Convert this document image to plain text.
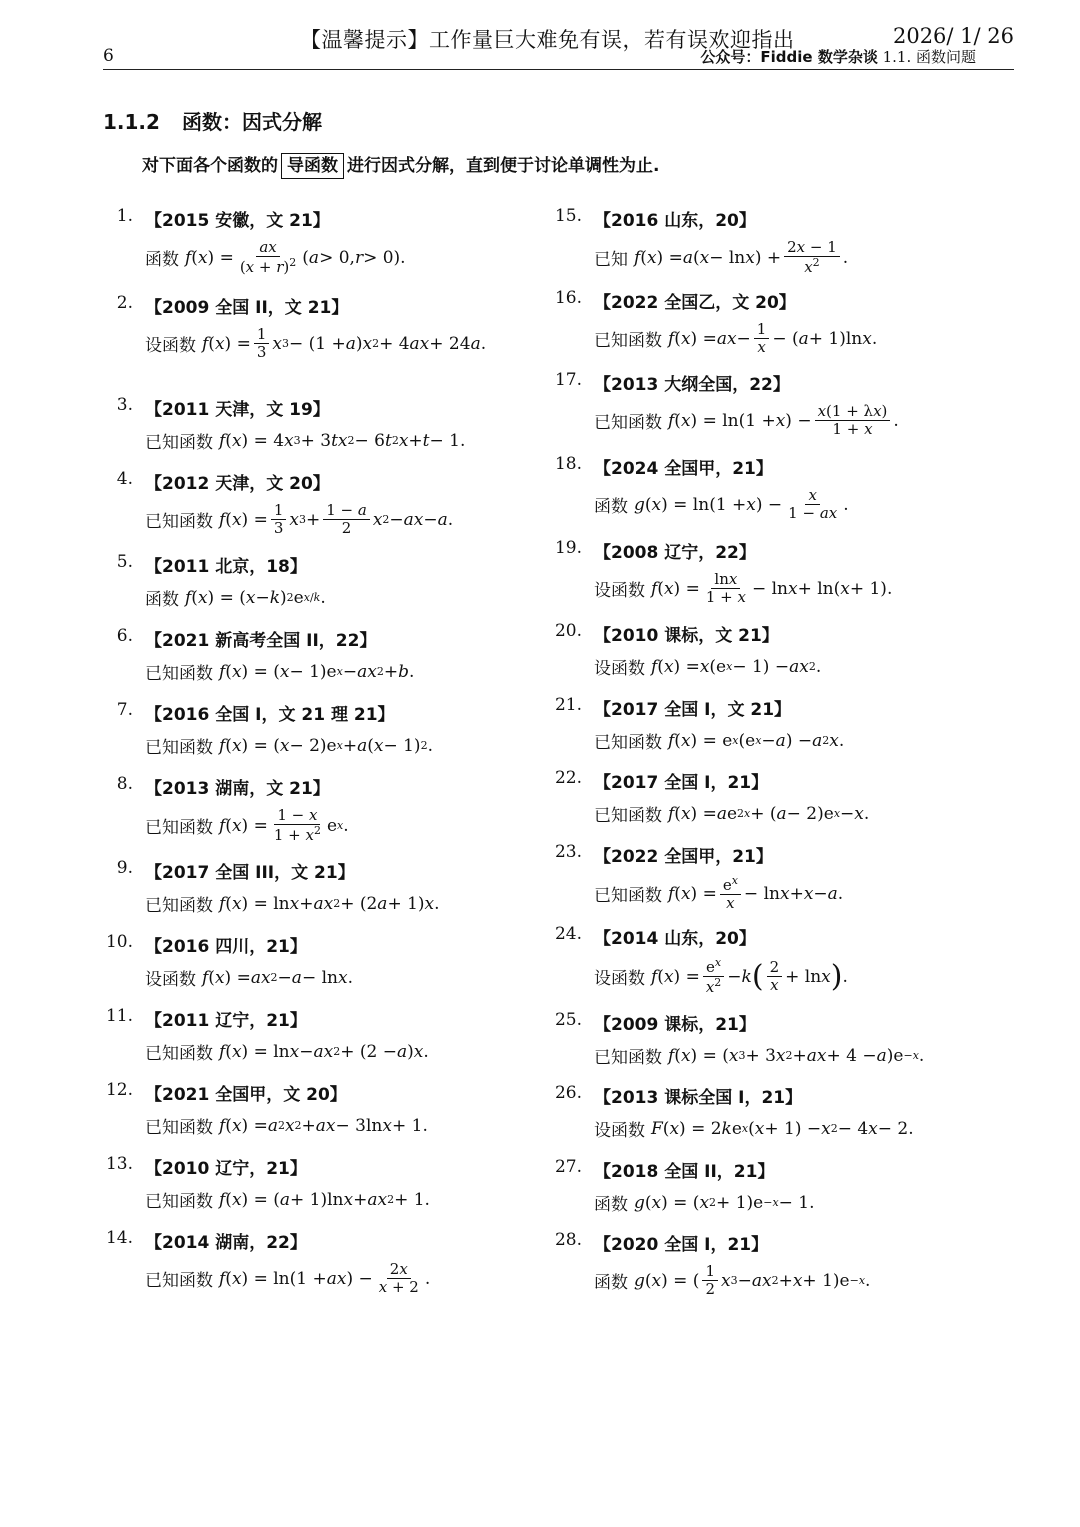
【温馨提示】工作量巨大难免有误，若有误欢迎指出	2026/ 1/ 26
6	公众号：Fiddie 数学杂谈 1.1. 函数问题
1.1.2 函数：因式分解
对下面各个函数的 导函数 进行因式分解，直到便于讨论单调性为止.
1. 【2015 安徽，文 21】
函数 f ( x ) = $\frac{ax}{(x + r)^2}$ ( a > 0, r > 0).
2. 【2009 全国 II，文 21】
设函数 f ( x ) = $\frac{1}{3}$ x 3 − (1 + a ) x 2 + 4 ax + 24 a .
3. 【2011 天津，文 19】
已知函数 f ( x ) = 4 x 3 + 3 tx 2 − 6 t 2 x + t − 1.
4. 【2012 天津，文 20】
已知函数 f ( x ) = $\frac{1}{3}$ x $3 + \frac{1 - a}{2}$ x 2 − ax − a .
5. 【2011 北京，18】
函数 f ( x ) = ( x − k ) 2 e x/k .
6. 【2021 新高考全国 II，22】
已知函数 f ( x ) = ( x − 1)e x − ax 2 + b .
7. 【2016 全国 I，文 21 理 21】
已知函数 f ( x ) = ( x − 2)e x + a ( x − 1) 2 .
8. 【2013 湖南，文 21】
已知函数 f ( x ) = $\frac{1 - x}{1 + x^2}$ e x .
9. 【2017 全国 III，文 21】
已知函数 f ( x ) = ln x + ax 2 + (2 a + 1) x .
10. 【2016 四川，21】
设函数 f ( x ) = ax 2 − a − ln x .
11. 【2011 辽宁，21】
已知函数 f ( x ) = ln x − ax 2 + (2 − a ) x .
12. 【2021 全国甲，文 20】
已知函数 f ( x ) = a 2 x 2 + ax − 3ln x + 1.
13. 【2010 辽宁，21】
已知函数 f ( x ) = ( a + 1)ln x + ax 2 + 1.
14. 【2014 湖南，22】
已知函数 f ( x ) = ln(1 + ax ) − $\frac{2x}{x + 2}$ .
15. 【2016 山东，20】
已知 f ( x ) = a ( x − ln x ) + $\frac{2x - 1}{x^2}$ .
16. 【2022 全国乙，文 20】
已知函数 f ( x ) = ax − $\frac{1}{x}$ − ( a + 1)ln x .
17. 【2013 大纲全国，22】
已知函数 f ( x ) = ln(1 + x ) − $\frac{x(1 + \lambda x)}{1 + x}$ .
18. 【2024 全国甲，21】
函数 g ( x ) = ln(1 + x ) − $\frac{x}{1 - ax}$ .
19. 【2008 辽宁，22】
设函数 f ( x ) = $\frac{\ln x}{1 + x} - \ln x + \ln$( x + 1).
20. 【2010 课标，文 21】
设函数 f ( x ) = x (e x − 1) − ax 2 .
21. 【2017 全国 I，文 21】
已知函数 f ( x ) = e x (e x − a ) − a 2 x .
22. 【2017 全国 I，21】
已知函数 f ( x ) = a e 2x + ( a − 2)e x − x .
23. 【2022 全国甲，21】
已知函数 f ( x ) = $\frac{e^x}{x} - \ln x + x - a$ .
24. 【2014 山东，20】
设函数 f ( x ) = $\frac{e^x}{x^2} - k$ ( $\frac{2}{x} + \ln x$ ) .
25. 【2009 课标，21】
已知函数 f ( x ) = ( x 3 + 3 x 2 + ax + 4 − a )e −x .
26. 【2013 课标全国 I，21】
设函数 F ( x ) = 2 k e x ( x + 1) − x 2 − 4 x − 2.
27. 【2018 全国 II，21】
函数 g ( x ) = ( x 2 + 1)e −x − 1.
28. 【2020 全国 I，21】
函数 g ( x ) = ( $\frac{1}{2}$ x 3 − ax 2 + x + 1)e −x .
